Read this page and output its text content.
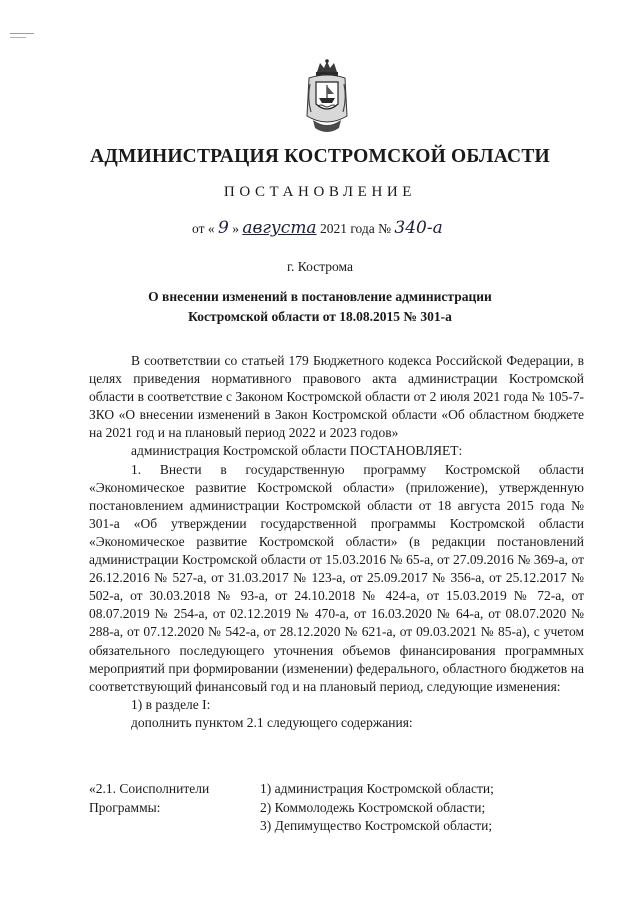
АДМИНИСТРАЦИЯ КОСТРОМСКОЙ ОБЛАСТИ
ПОСТАНОВЛЕНИЕ
от « 9 » августа 2021 года № 340-а
г. Кострома
О внесении изменений в постановление администрации
Костромской области от 18.08.2015 № 301-а

В соответствии со статьей 179 Бюджетного кодекса Российской Федерации, в целях приведения нормативного правового акта администрации Костромской области в соответствие с Законом Костромской области от 2 июля 2021 года № 105-7-ЗКО «О внесении изменений в Закон Костромской области «Об областном бюджете на 2021 год и на плановый период 2022 и 2023 годов»

администрация Костромской области ПОСТАНОВЛЯЕТ:

1. Внести в государственную программу Костромской области «Экономическое развитие Костромской области» (приложение), утвержденную постановлением администрации Костромской области от 18 августа 2015 года № 301-а «Об утверждении государственной программы Костромской области «Экономическое развитие Костромской области» (в редакции постановлений администрации Костромской области от 15.03.2016 № 65-а, от 27.09.2016 № 369-а, от 26.12.2016 № 527-а, от 31.03.2017 № 123-а, от 25.09.2017 № 356-а, от 25.12.2017 № 502-а, от 30.03.2018 № 93-а, от 24.10.2018 № 424-а, от 15.03.2019 № 72-а, от 08.07.2019 № 254-а, от 02.12.2019 № 470-а, от 16.03.2020 № 64-а, от 08.07.2020 № 288-а, от 07.12.2020 № 542-а, от 28.12.2020 № 621-а, от 09.03.2021 № 85-а), с учетом обязательного последующего уточнения объемов финансирования программных мероприятий при формировании (изменении) федерального, областного бюджетов на соответствующий финансовый год и на плановый период, следующие изменения:

1) в разделе I:

дополнить пунктом 2.1 следующего содержания:

«2.1. Соисполнители
Программы:
1) администрация Костромской области;
2) Коммолодежь Костромской области;
3) Депимущество Костромской области;
